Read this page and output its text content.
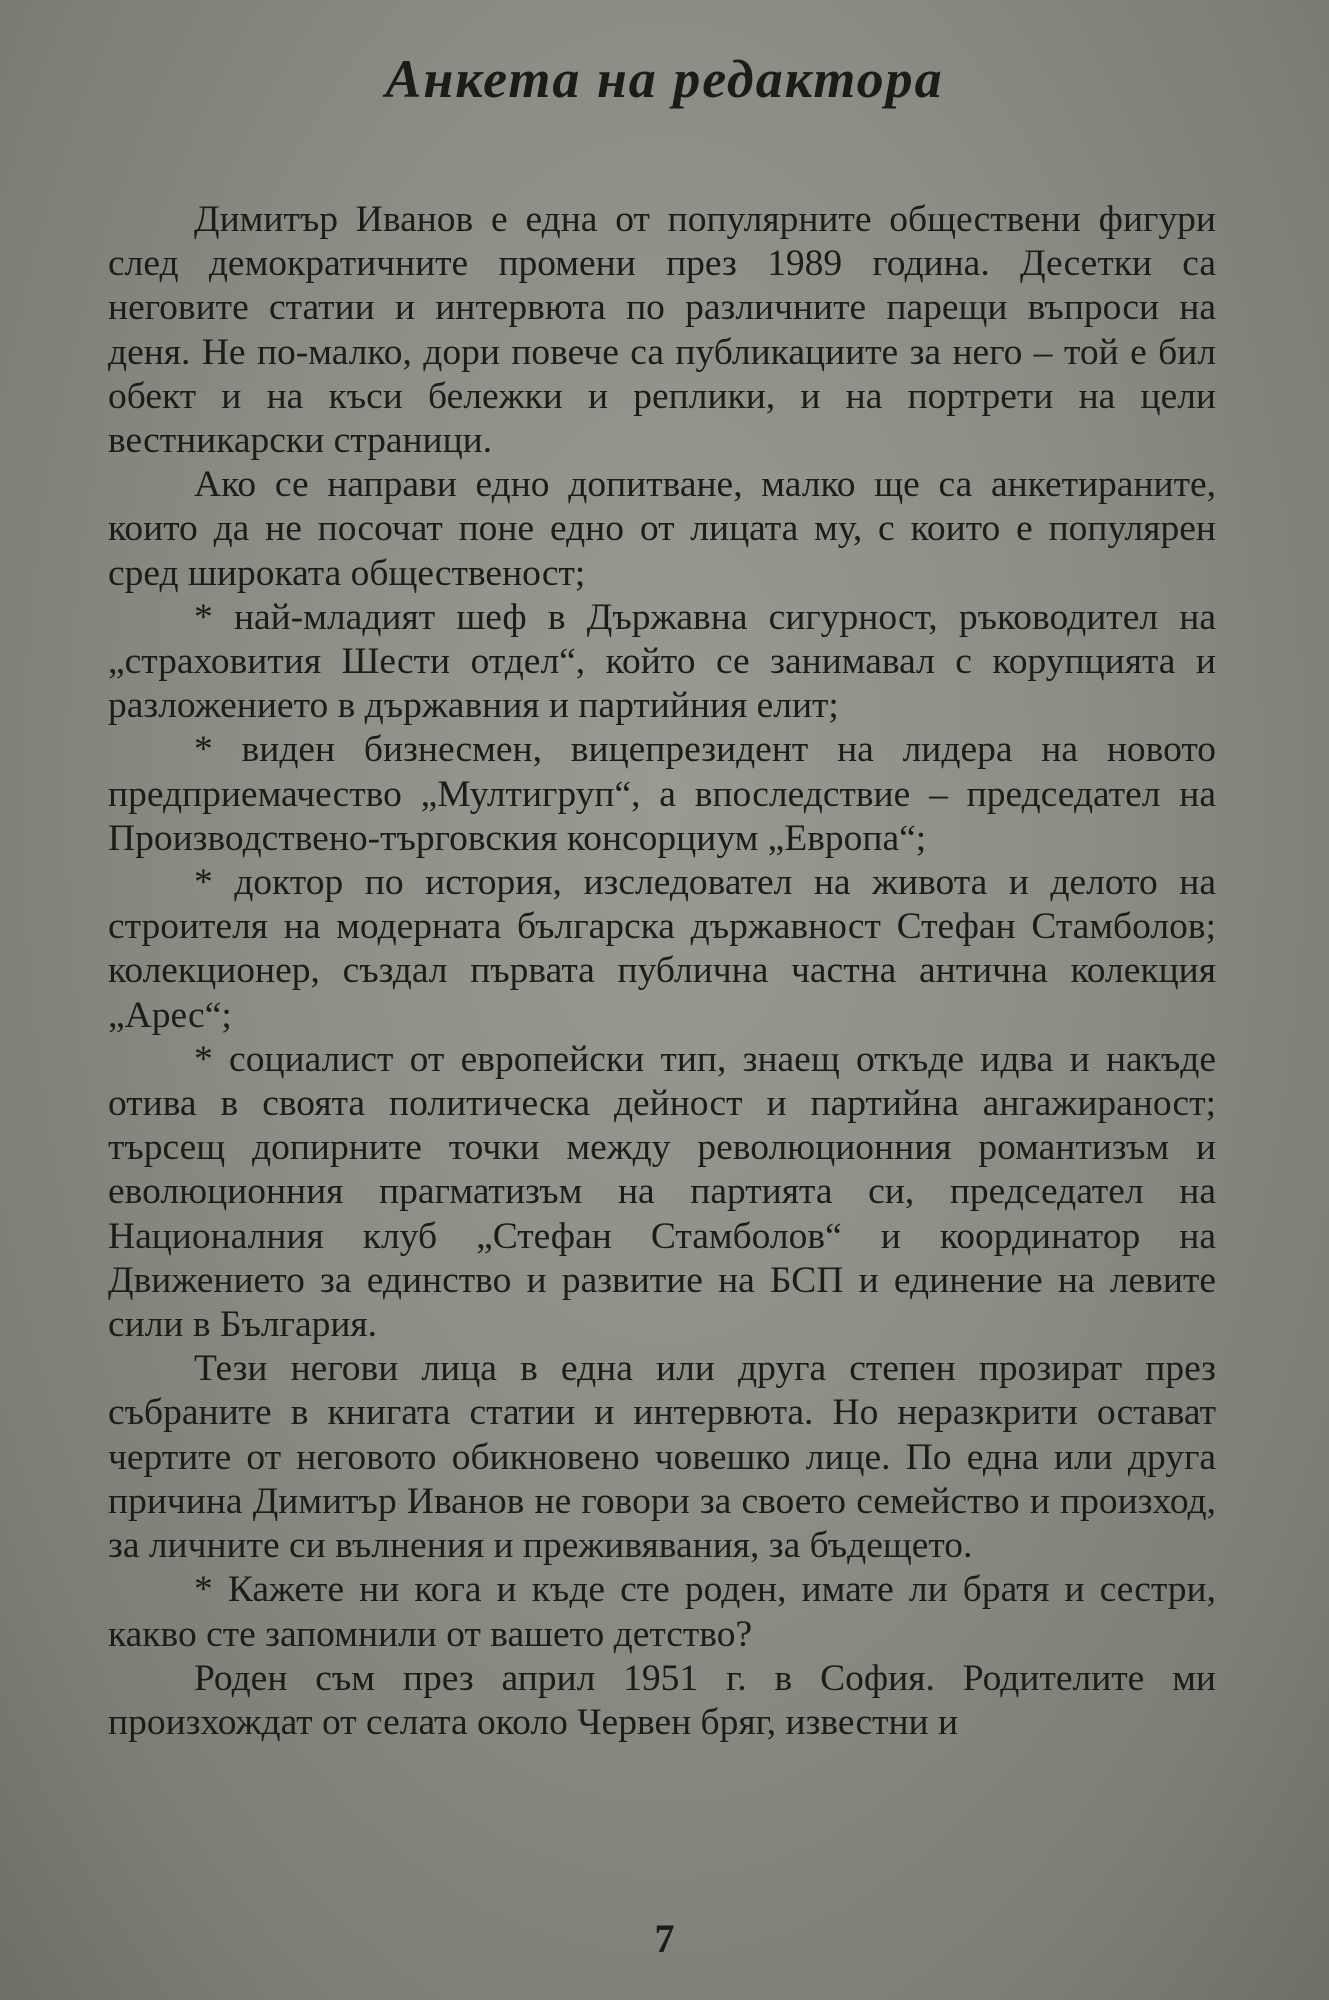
Анкета на редактора

Димитър Иванов е една от популярните обществени фигури след демократичните промени през 1989 година. Десетки са неговите статии и интервюта по различните парещи въпроси на деня. Не по-малко, дори повече са публикациите за него – той е бил обект и на къси бележки и реплики, и на портрети на цели вестникарски страници.

Ако се направи едно допитване, малко ще са анкетираните, които да не посочат поне едно от лицата му, с които е популярен сред широката общественост;

* най-младият шеф в Държавна сигурност, ръководител на „страховития Шести отдел“, който се занимавал с корупцията и разложението в държавния и партийния елит;

* виден бизнесмен, вицепрезидент на лидера на новото предприемачество „Мултигруп“, а впоследствие – председател на Производствено-търговския консорциум „Европа“;

* доктор по история, изследовател на живота и делото на строителя на модерната българска държавност Стефан Стамболов; колекционер, създал първата публична частна антична колекция „Арес“;

* социалист от европейски тип, знаещ откъде идва и накъде отива в своята политическа дейност и партийна ангажираност; търсещ допирните точки между революционния романтизъм и еволюционния прагматизъм на партията си, председател на Националния клуб „Стефан Стамболов“ и координатор на Движението за единство и развитие на БСП и единение на левите сили в България.

Тези негови лица в една или друга степен прозират през събраните в книгата статии и интервюта. Но неразкрити остават чертите от неговото обикновено човешко лице. По една или друга причина Димитър Иванов не говори за своето семейство и произход, за личните си вълнения и преживявания, за бъдещето.

* Кажете ни кога и къде сте роден, имате ли братя и сестри, какво сте запомнили от вашето детство?

Роден съм през април 1951 г. в София. Родителите ми произхождат от селата около Червен бряг, известни и

7
